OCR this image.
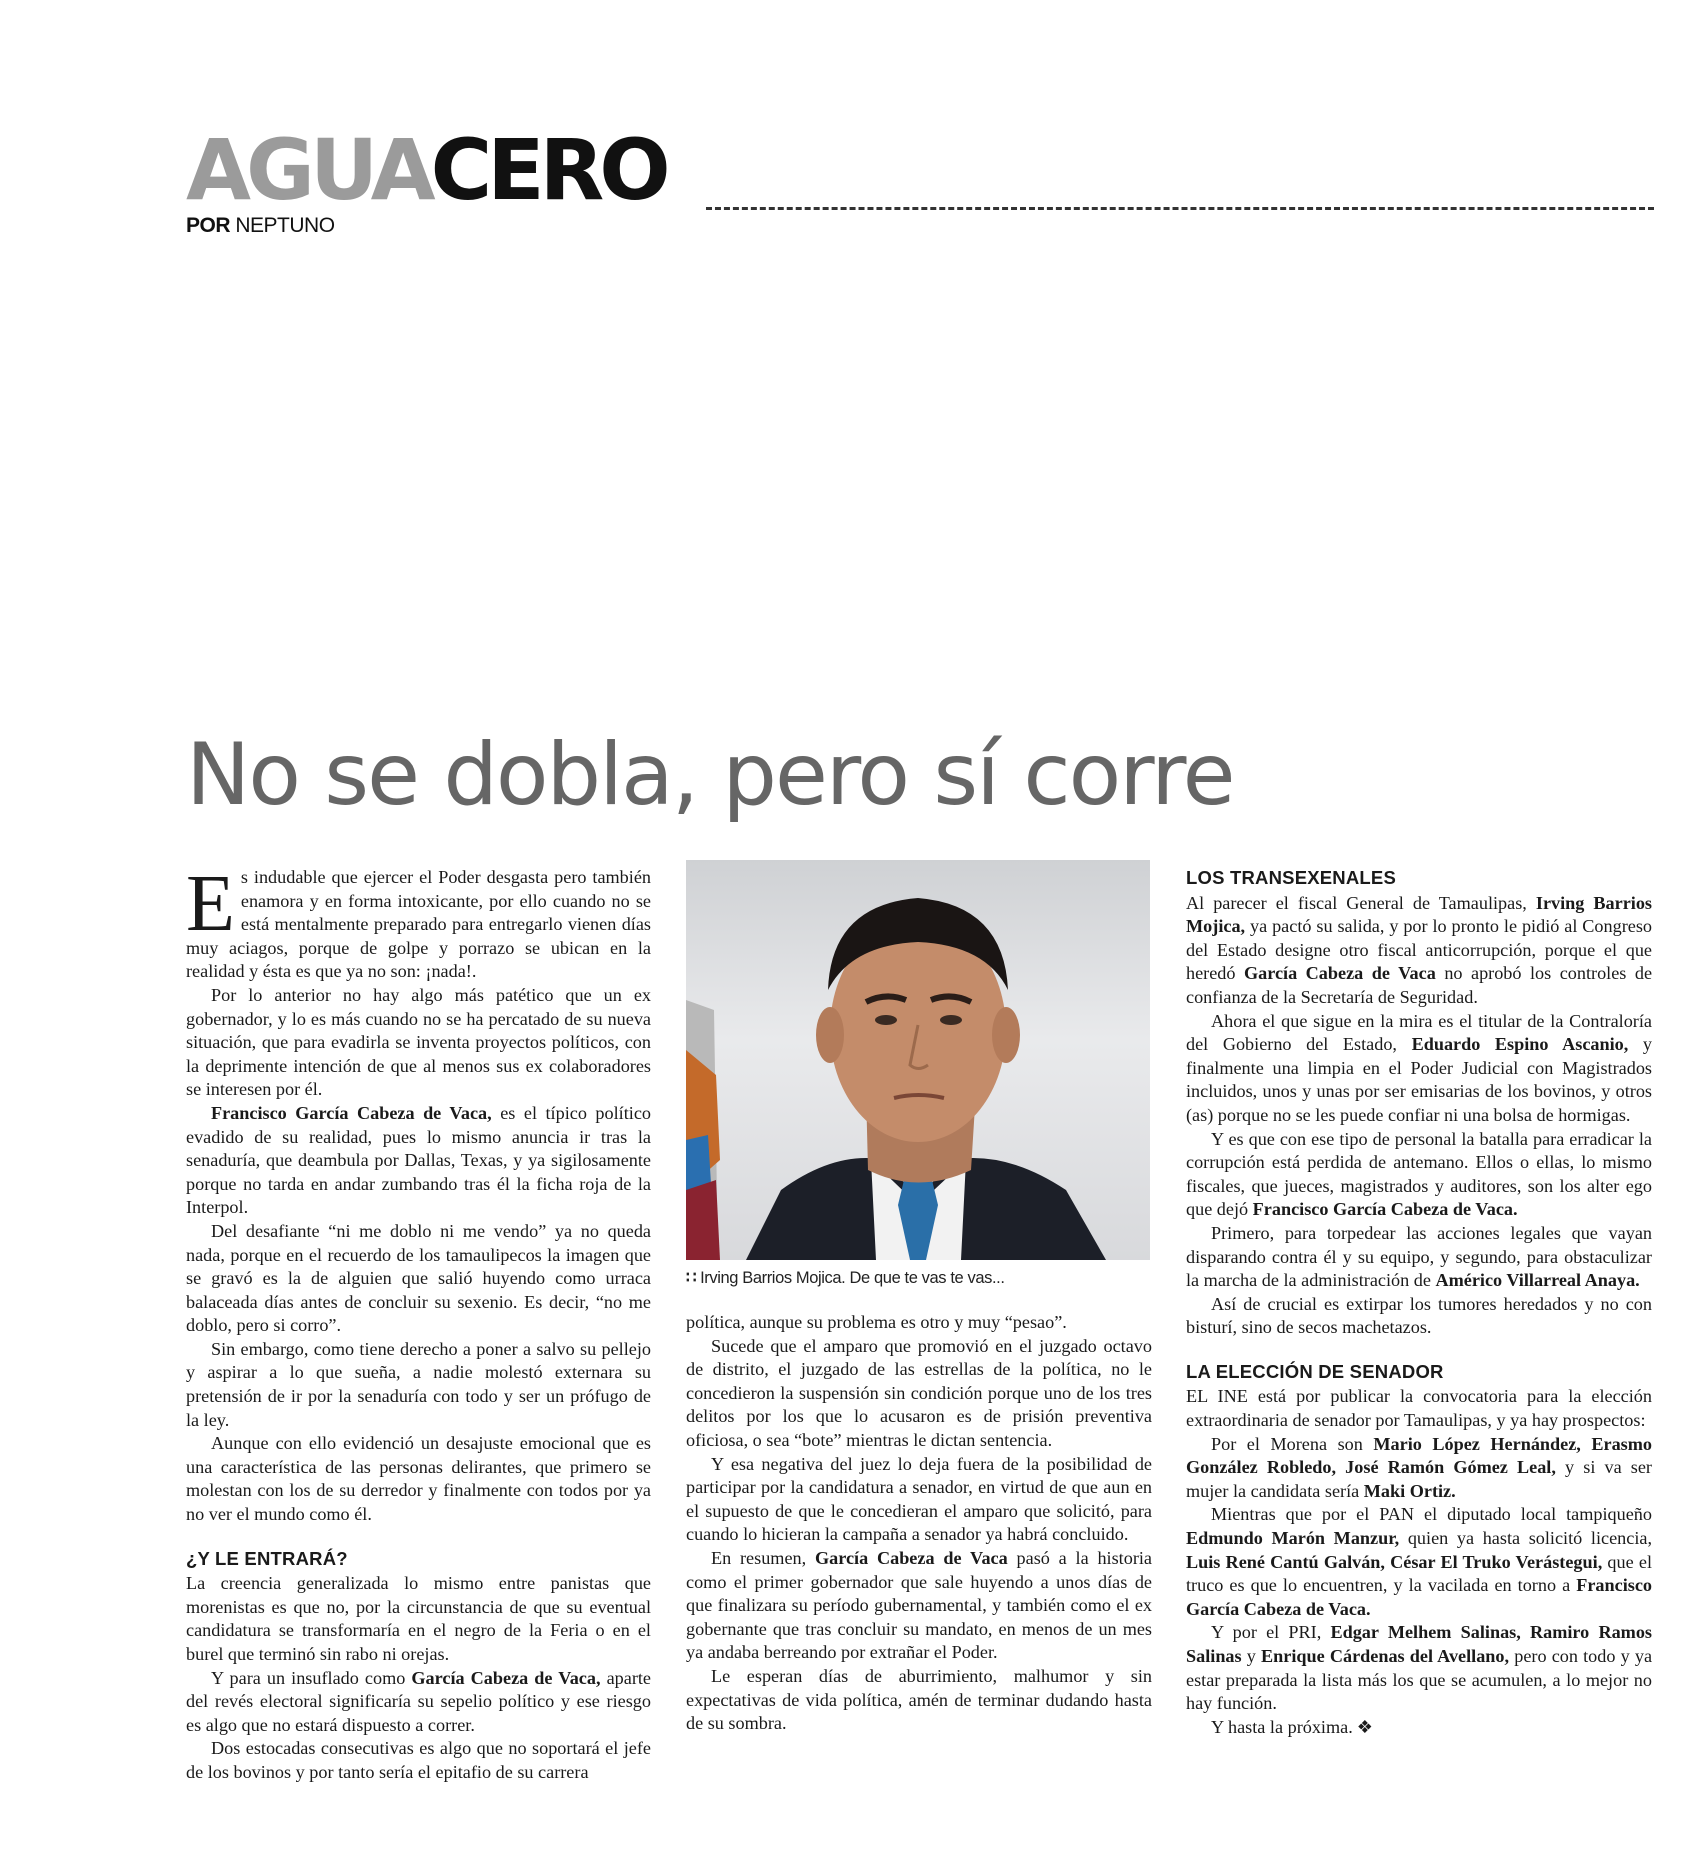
AGUACERO
POR NEPTUNO
No se dobla, pero sí corre

Es indudable que ejercer el Poder desgasta pero también enamora y en forma intoxicante, por ello cuando no se está mentalmente preparado para entregarlo vienen días muy aciagos, porque de golpe y porrazo se ubican en la realidad y ésta es que ya no son: ¡nada!.

Por lo anterior no hay algo más patético que un ex gobernador, y lo es más cuando no se ha percatado de su nueva situación, que para evadirla se inventa proyectos políticos, con la deprimente intención de que al menos sus ex colaboradores se interesen por él.

Francisco García Cabeza de Vaca, es el típico político evadido de su realidad, pues lo mismo anuncia ir tras la senaduría, que deambula por Dallas, Texas, y ya sigilosamente porque no tarda en andar zumbando tras él la ficha roja de la Interpol.

Del desafiante “ni me doblo ni me vendo” ya no queda nada, porque en el recuerdo de los tamaulipecos la imagen que se gravó es la de alguien que salió huyendo como urraca balaceada días antes de concluir su sexenio. Es decir, “no me doblo, pero si corro”.

Sin embargo, como tiene derecho a poner a salvo su pellejo y aspirar a lo que sueña, a nadie molestó externara su pretensión de ir por la senaduría con todo y ser un prófugo de la ley.

Aunque con ello evidenció un desajuste emocional que es una característica de las personas delirantes, que primero se molestan con los de su derredor y finalmente con todos por ya no ver el mundo como él.

¿Y LE ENTRARÁ?

La creencia generalizada lo mismo entre panistas que morenistas es que no, por la circunstancia de que su eventual candidatura se transformaría en el negro de la Feria o en el burel que terminó sin rabo ni orejas.

Y para un insuflado como García Cabeza de Vaca, aparte del revés electoral significaría su sepelio político y ese riesgo es algo que no estará dispuesto a correr.

Dos estocadas consecutivas es algo que no soportará el jefe de los bovinos y por tanto sería el epitafio de su carrera

∷ Irving Barrios Mojica. De que te vas te vas...

política, aunque su problema es otro y muy “pesao”.

Sucede que el amparo que promovió en el juzgado octavo de distrito, el juzgado de las estrellas de la política, no le concedieron la suspensión sin condición porque uno de los tres delitos por los que lo acusaron es de prisión preventiva oficiosa, o sea “bote” mientras le dictan sentencia.

Y esa negativa del juez lo deja fuera de la posibilidad de participar por la candidatura a senador, en virtud de que aun en el supuesto de que le concedieran el amparo que solicitó, para cuando lo hicieran la campaña a senador ya habrá concluido.

En resumen, García Cabeza de Vaca pasó a la historia como el primer gobernador que sale huyendo a unos días de que finalizara su período gubernamental, y también como el ex gobernante que tras concluir su mandato, en menos de un mes ya andaba berreando por extrañar el Poder.

Le esperan días de aburrimiento, malhumor y sin expectativas de vida política, amén de terminar dudando hasta de su sombra.

LOS TRANSEXENALES

Al parecer el fiscal General de Tamaulipas, Irving Barrios Mojica, ya pactó su salida, y por lo pronto le pidió al Congreso del Estado designe otro fiscal anticorrupción, porque el que heredó García Cabeza de Vaca no aprobó los controles de confianza de la Secretaría de Seguridad.

Ahora el que sigue en la mira es el titular de la Contraloría del Gobierno del Estado, Eduardo Espino Ascanio, y finalmente una limpia en el Poder Judicial con Magistrados incluidos, unos y unas por ser emisarias de los bovinos, y otros (as) porque no se les puede confiar ni una bolsa de hormigas.

Y es que con ese tipo de personal la batalla para erradicar la corrupción está perdida de antemano. Ellos o ellas, lo mismo fiscales, que jueces, magistrados y auditores, son los alter ego que dejó Francisco García Cabeza de Vaca.

Primero, para torpedear las acciones legales que vayan disparando contra él y su equipo, y segundo, para obstaculizar la marcha de la administración de Américo Villarreal Anaya.

Así de crucial es extirpar los tumores heredados y no con bisturí, sino de secos machetazos.

LA ELECCIÓN DE SENADOR

EL INE está por publicar la convocatoria para la elección extraordinaria de senador por Tamaulipas, y ya hay prospectos:

Por el Morena son Mario López Hernández, Erasmo González Robledo, José Ramón Gómez Leal, y si va ser mujer la candidata sería Maki Ortiz.

Mientras que por el PAN el diputado local tampiqueño Edmundo Marón Manzur, quien ya hasta solicitó licencia, Luis René Cantú Galván, César El Truko Verástegui, que el truco es que lo encuentren, y la vacilada en torno a Francisco García Cabeza de Vaca.

Y por el PRI, Edgar Melhem Salinas, Ramiro Ramos Salinas y Enrique Cárdenas del Avellano, pero con todo y ya estar preparada la lista más los que se acumulen, a lo mejor no hay función.

Y hasta la próxima. ❖
